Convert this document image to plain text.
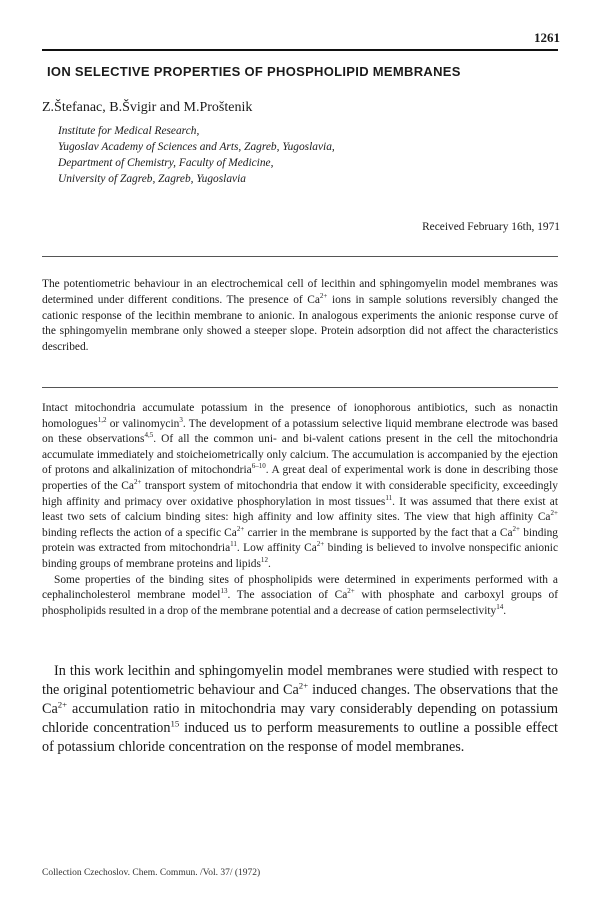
1261
ION SELECTIVE PROPERTIES OF PHOSPHOLIPID MEMBRANES
Z.Štefanac, B.Švigir and M.Proštenik
Institute for Medical Research,
Yugoslav Academy of Sciences and Arts, Zagreb, Yugoslavia,
Department of Chemistry, Faculty of Medicine,
University of Zagreb, Zagreb, Yugoslavia
Received February 16th, 1971
The potentiometric behaviour in an electrochemical cell of lecithin and sphingomyelin model membranes was determined under different conditions. The presence of $Ca^{2+}$ ions in sample solutions reversibly changed the cationic response of the lecithin membrane to anionic. In analogous experiments the anionic response curve of the sphingomyelin membrane only showed a steeper slope. Protein adsorption did not affect the characteristics described.

Intact mitochondria accumulate potassium in the presence of ionophorous antibiotics, such as nonactin homologues$^{1,2}$ or valinomycin$^3$. The development of a potassium selective liquid membrane electrode was based on these observations$^{4,5}$. Of all the common uni- and bi-valent cations present in the cell the mitochondria accumulate immediately and stoicheiometrically only calcium. The accumulation is accompanied by the ejection of protons and alkalinization of mitochondria$^{6-10}$. A great deal of experimental work is done in describing those properties of the $Ca^{2+}$ transport system of mitochondria that endow it with considerable specificity, exceedingly high affinity and primacy over oxidative phosphorylation in most tissues$^{11}$. It was assumed that there exist at least two sets of calcium binding sites: high affinity and low affinity sites. The view that high affinity $Ca^{2+}$ binding reflects the action of a specific $Ca^{2+}$ carrier in the membrane is supported by the fact that a $Ca^{2+}$ binding protein was extracted from mitochondria$^{11}$. Low affinity $Ca^{2+}$ binding is believed to involve nonspecific anionic binding groups of membrane proteins and lipids$^{12}$.

Some properties of the binding sites of phospholipids were determined in experiments performed with a cephalincholesterol membrane model$^{13}$. The association of $Ca^{2+}$ with phosphate and carboxyl groups of phospholipids resulted in a drop of the membrane potential and a decrease of cation permselectivity$^{14}$.

In this work lecithin and sphingomyelin model membranes were studied with respect to the original potentiometric behaviour and $Ca^{2+}$ induced changes. The observations that the $Ca^{2+}$ accumulation ratio in mitochondria may vary considerably depending on potassium chloride concentration$^{15}$ induced us to perform measurements to outline a possible effect of potassium chloride concentration on the response of model membranes.
Collection Czechoslov. Chem. Commun. /Vol. 37/ (1972)
